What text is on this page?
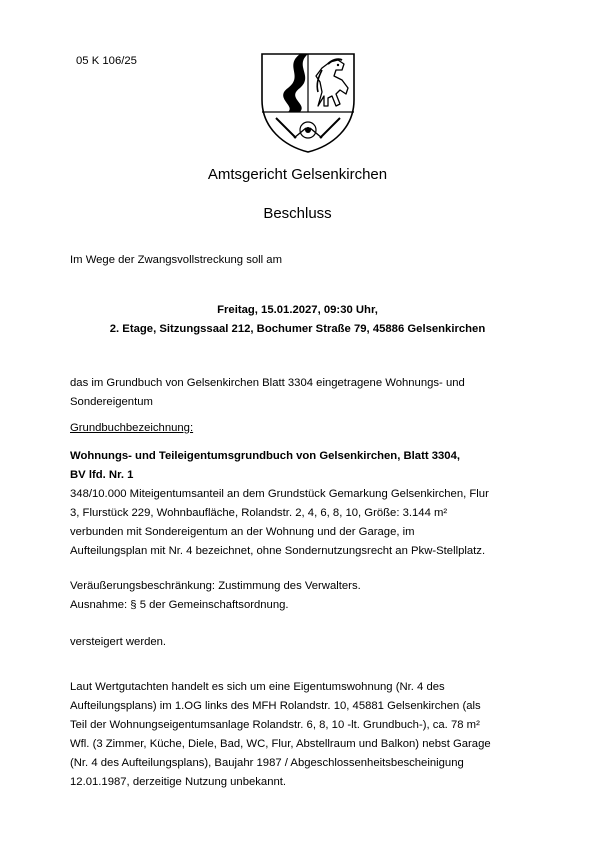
05 K 106/25
Amtsgericht Gelsenkirchen
Beschluss
Im Wege der Zwangsvollstreckung soll am
Freitag, 15.01.2027, 09:30 Uhr,
2. Etage, Sitzungssaal 212, Bochumer Straße 79, 45886 Gelsenkirchen
das im Grundbuch von Gelsenkirchen Blatt 3304 eingetragene Wohnungs- und
Sondereigentum
Grundbuchbezeichnung:
Wohnungs- und Teileigentumsgrundbuch von Gelsenkirchen, Blatt 3304,
BV lfd. Nr. 1
348/10.000 Miteigentumsanteil an dem Grundstück Gemarkung Gelsenkirchen, Flur
3, Flurstück 229, Wohnbaufläche, Rolandstr. 2, 4, 6, 8, 10, Größe: 3.144 m²
verbunden mit Sondereigentum an der Wohnung und der Garage, im
Aufteilungsplan mit Nr. 4 bezeichnet, ohne Sondernutzungsrecht an Pkw-Stellplatz.
Veräußerungsbeschränkung: Zustimmung des Verwalters.
Ausnahme: § 5 der Gemeinschaftsordnung.
versteigert werden.
Laut Wertgutachten handelt es sich um eine Eigentumswohnung (Nr. 4 des
Aufteilungsplans) im 1.OG links des MFH Rolandstr. 10, 45881 Gelsenkirchen (als
Teil der Wohnungseigentumsanlage Rolandstr. 6, 8, 10 -lt. Grundbuch-), ca. 78 m²
Wfl. (3 Zimmer, Küche, Diele, Bad, WC, Flur, Abstellraum und Balkon) nebst Garage
(Nr. 4 des Aufteilungsplans), Baujahr 1987 / Abgeschlossenheitsbescheinigung
12.01.1987, derzeitige Nutzung unbekannt.
